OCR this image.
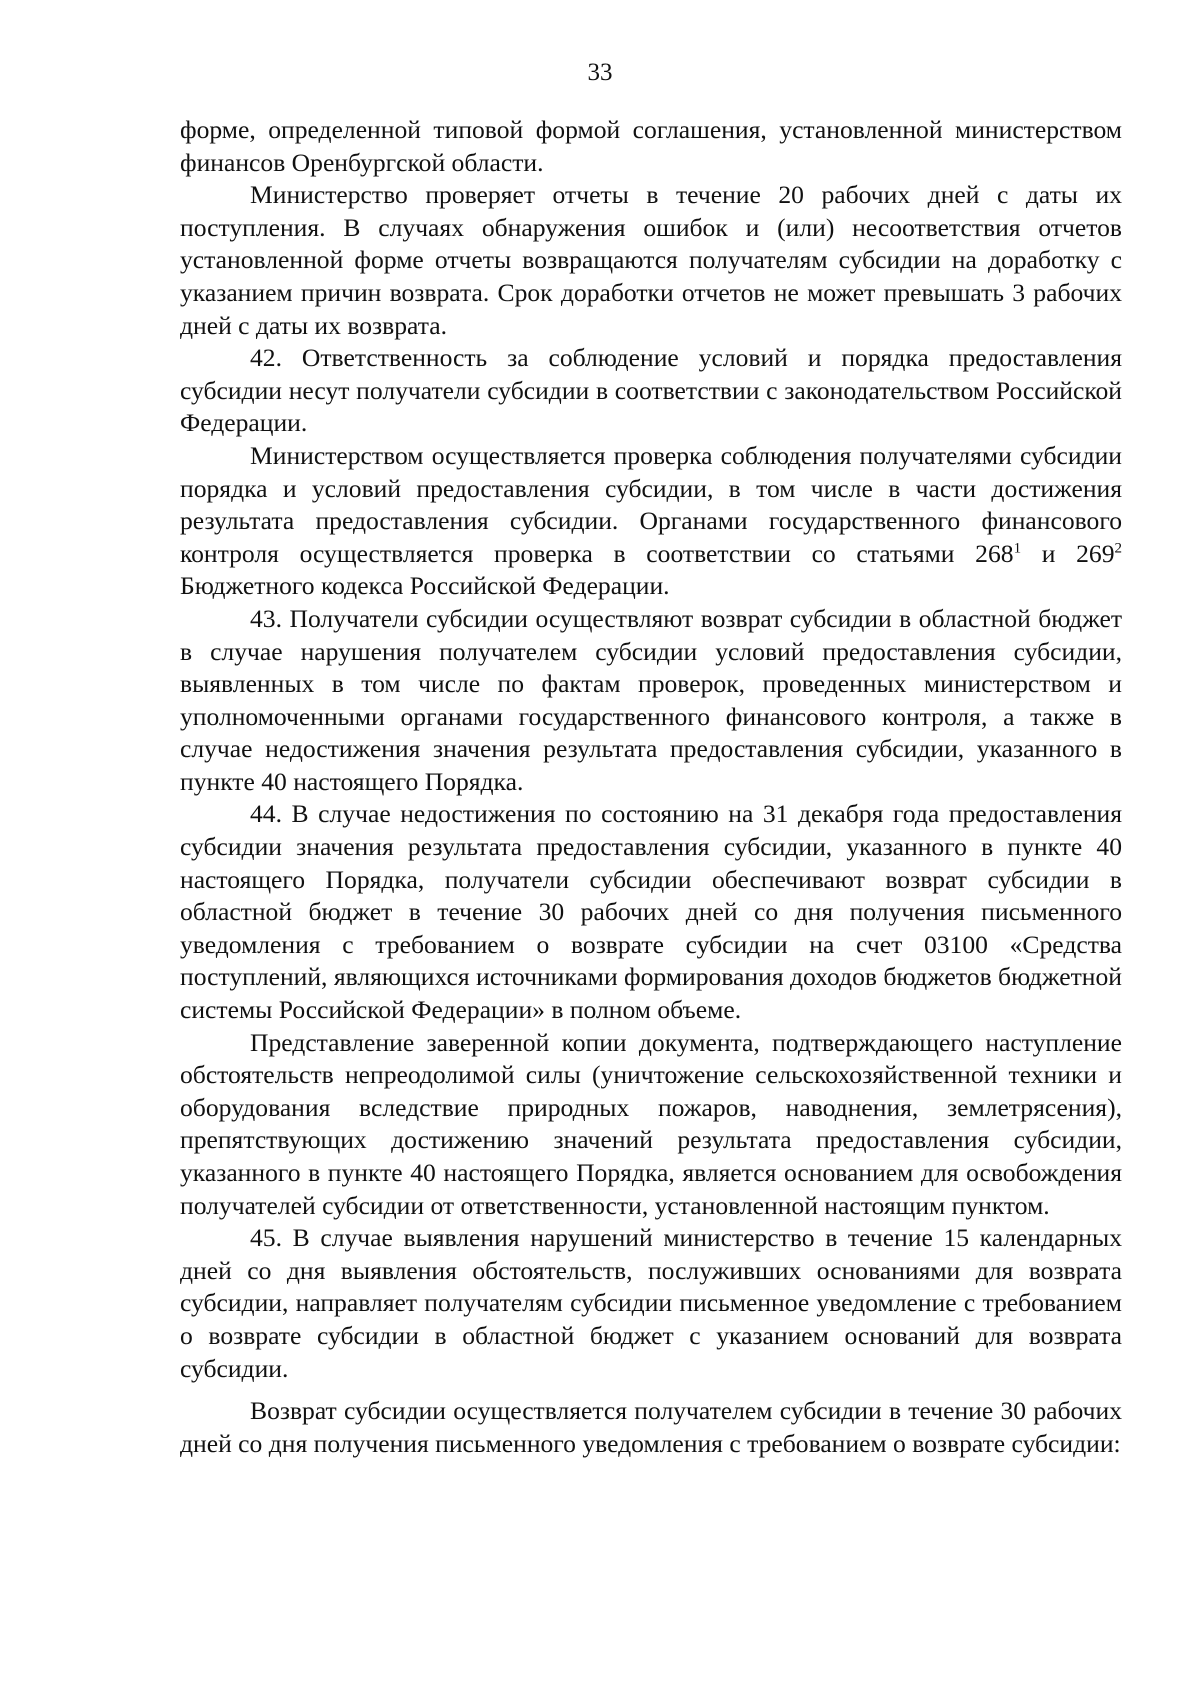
33

форме, определенной типовой формой соглашения, установленной министерством финансов Оренбургской области.

Министерство проверяет отчеты в течение 20 рабочих дней с даты их поступления. В случаях обнаружения ошибок и (или) несоответствия отчетов установленной форме отчеты возвращаются получателям субсидии на доработку с указанием причин возврата. Срок доработки отчетов не может превышать 3 рабочих дней с даты их возврата.

42. Ответственность за соблюдение условий и порядка предоставления субсидии несут получатели субсидии в соответствии с законодательством Российской Федерации.

Министерством осуществляется проверка соблюдения получателями субсидии порядка и условий предоставления субсидии, в том числе в части достижения результата предоставления субсидии. Органами государственного финансового контроля осуществляется проверка в соответствии со статьями $268^1$ и $269^2$ Бюджетного кодекса Российской Федерации.

43. Получатели субсидии осуществляют возврат субсидии в областной бюджет в случае нарушения получателем субсидии условий предоставления субсидии, выявленных в том числе по фактам проверок, проведенных министерством и уполномоченными органами государственного финансового контроля, а также в случае недостижения значения результата предоставления субсидии, указанного в пункте 40 настоящего Порядка.

44. В случае недостижения по состоянию на 31 декабря года предоставления субсидии значения результата предоставления субсидии, указанного в пункте 40 настоящего Порядка, получатели субсидии обеспечивают возврат субсидии в областной бюджет в течение 30 рабочих дней со дня получения письменного уведомления с требованием о возврате субсидии на счет 03100 «Средства поступлений, являющихся источниками формирования доходов бюджетов бюджетной системы Российской Федерации» в полном объеме.

Представление заверенной копии документа, подтверждающего наступление обстоятельств непреодолимой силы (уничтожение сельскохозяйственной техники и оборудования вследствие природных пожаров, наводнения, землетрясения), препятствующих достижению значений результата предоставления субсидии, указанного в пункте 40 настоящего Порядка, является основанием для освобождения получателей субсидии от ответственности, установленной настоящим пунктом.

45. В случае выявления нарушений министерство в течение 15 календарных дней со дня выявления обстоятельств, послуживших основаниями для возврата субсидии, направляет получателям субсидии письменное уведомление с требованием о возврате субсидии в областной бюджет с указанием оснований для возврата субсидии.

Возврат субсидии осуществляется получателем субсидии в течение 30 рабочих дней со дня получения письменного уведомления с требованием о возврате субсидии:
